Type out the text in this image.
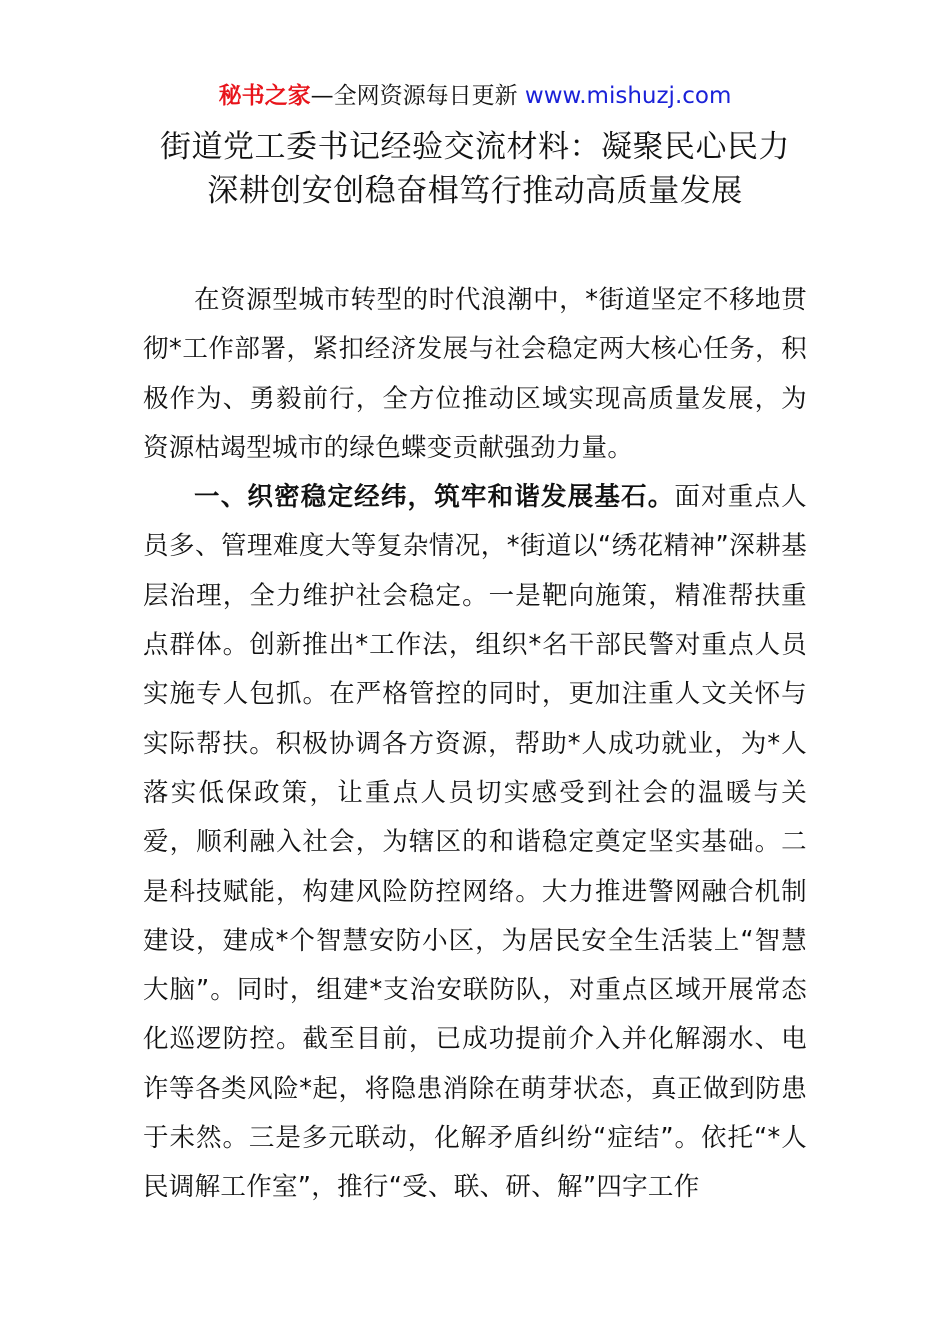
秘书之家—全网资源每日更新 www.mishuzj.com
街道党工委书记经验交流材料：凝聚民心民力
深耕创安创稳奋楫笃行推动高质量发展

在资源型城市转型的时代浪潮中，*街道坚定不移地贯彻*工作部署，紧扣经济发展与社会稳定两大核心任务，积极作为、勇毅前行，全方位推动区域实现高质量发展，为资源枯竭型城市的绿色蝶变贡献强劲力量。

一、织密稳定经纬，筑牢和谐发展基石。面对重点人员多、管理难度大等复杂情况，*街道以“绣花精神”深耕基层治理，全力维护社会稳定。一是靶向施策，精准帮扶重点群体。创新推出*工作法，组织*名干部民警对重点人员实施专人包抓。在严格管控的同时，更加注重人文关怀与实际帮扶。积极协调各方资源，帮助*人成功就业，为*人落实低保政策，让重点人员切实感受到社会的温暖与关爱，顺利融入社会，为辖区的和谐稳定奠定坚实基础。二是科技赋能，构建风险防控网络。大力推进警网融合机制建设，建成*个智慧安防小区，为居民安全生活装上“智慧大脑”。同时，组建*支治安联防队，对重点区域开展常态化巡逻防控。截至目前，已成功提前介入并化解溺水、电诈等各类风险*起，将隐患消除在萌芽状态，真正做到防患于未然。三是多元联动，化解矛盾纠纷“症结”。依托“*人民调解工作室”，推行“受、联、研、解”四字工作
